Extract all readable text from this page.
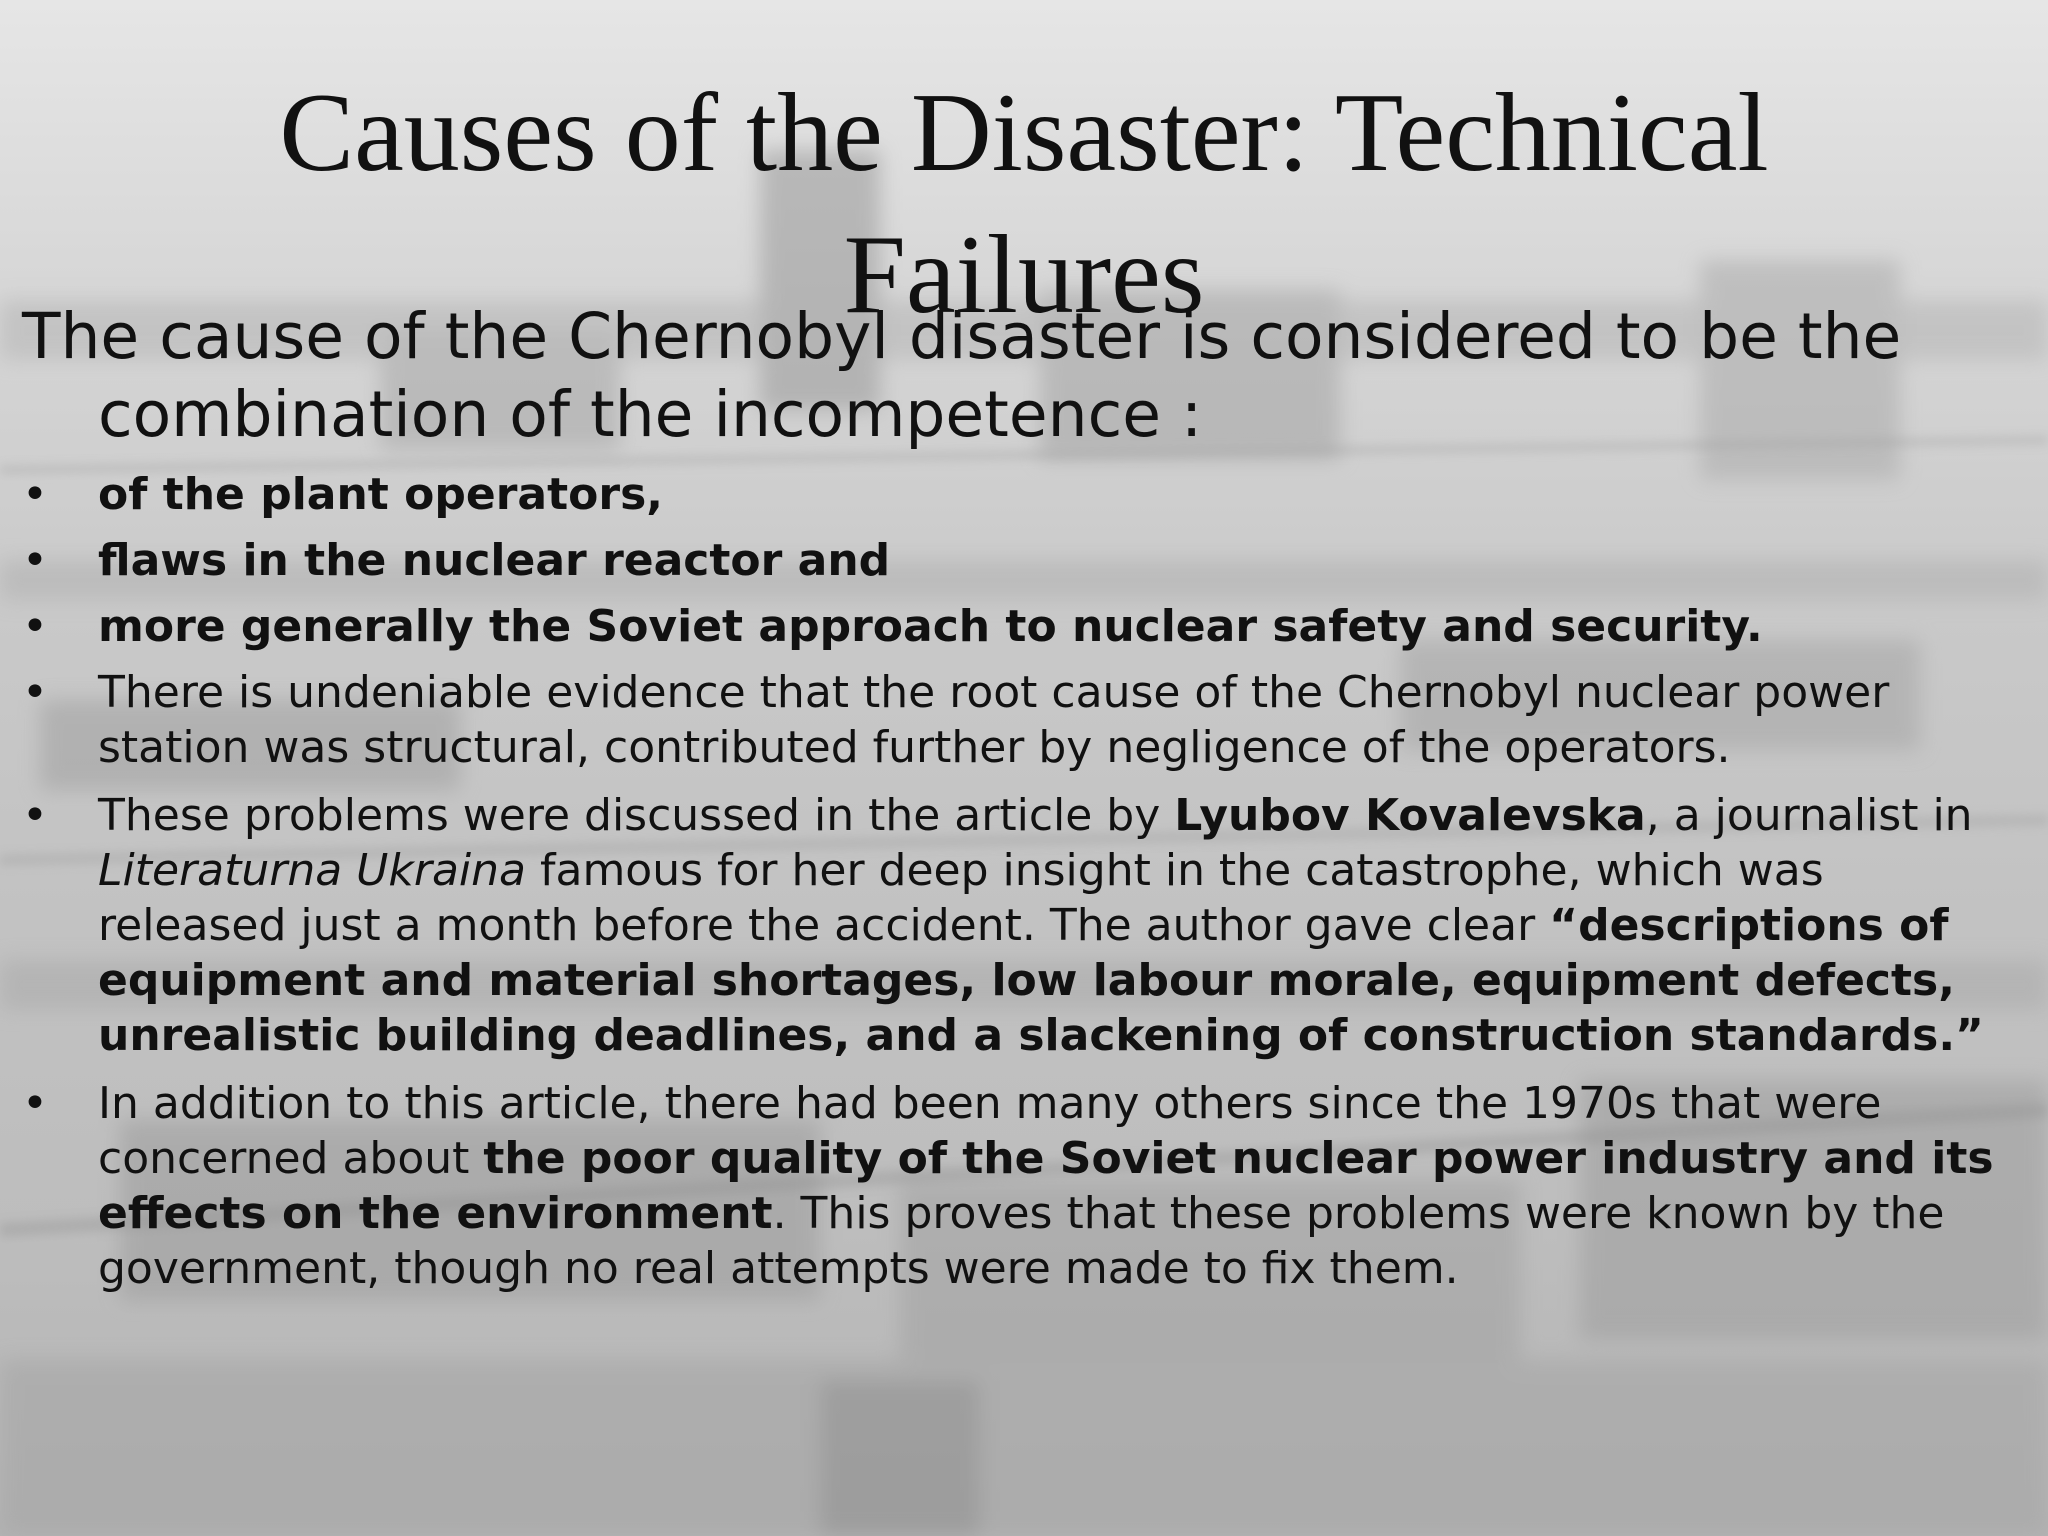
Causes of the Disaster: Technical
Failures

The cause of the Chernobyl disaster is considered to be the combination of the incompetence :

•	of the plant operators,
•	flaws in the nuclear reactor and
•	more generally the Soviet approach to nuclear safety and security.
•	There is undeniable evidence that the root cause of the Chernobyl nuclear power station was structural, contributed further by negligence of the operators.
•	These problems were discussed in the article by Lyubov Kovalevska, a journalist in Literaturna Ukraina famous for her deep insight in the catastrophe, which was released just a month before the accident. The author gave clear “descriptions of equipment and material shortages, low labour morale, equipment defects, unrealistic building deadlines, and a slackening of construction standards.”
•	In addition to this article, there had been many others since the 1970s that were concerned about the poor quality of the Soviet nuclear power industry and its effects on the environment. This proves that these problems were known by the government, though no real attempts were made to fix them.
